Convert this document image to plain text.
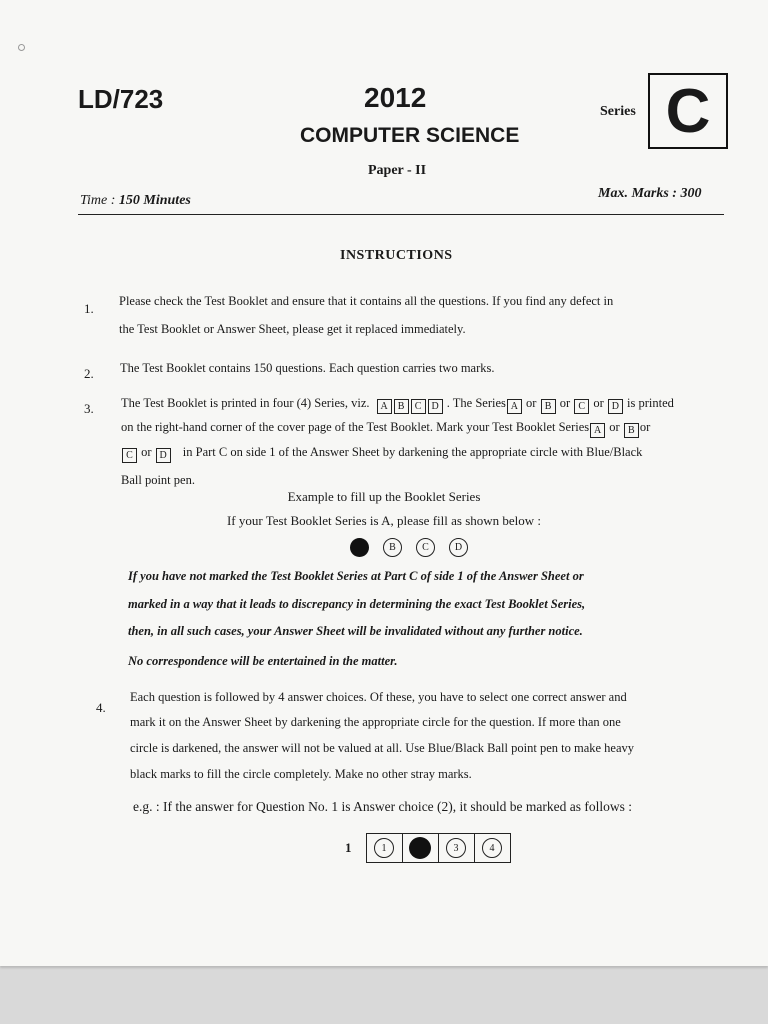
LD/723	2012
COMPUTER SCIENCE
Paper - II
Series C
Time : 150 Minutes	Max. Marks : 300
INSTRUCTIONS
1. Please check the Test Booklet and ensure that it contains all the questions. If you find any defect in
the Test Booklet or Answer Sheet, please get it replaced immediately.
2. The Test Booklet contains 150 questions. Each question carries two marks.
3. The Test Booklet is printed in four (4) Series, viz. A B C D . The Series A or B or C or D is printed
on the right-hand corner of the cover page of the Test Booklet. Mark your Test Booklet Series A or B or
C or D in Part C on side 1 of the Answer Sheet by darkening the appropriate circle with Blue/Black
Ball point pen.
Example to fill up the Booklet Series
If your Test Booklet Series is A, please fill as shown below :
B	C	D
If you have not marked the Test Booklet Series at Part C of side 1 of the Answer Sheet or
marked in a way that it leads to discrepancy in determining the exact Test Booklet Series,
then, in all such cases, your Answer Sheet will be invalidated without any further notice.
No correspondence will be entertained in the matter.
4.
Each question is followed by 4 answer choices. Of these, you have to select one correct answer and
mark it on the Answer Sheet by darkening the appropriate circle for the question. If more than one
circle is darkened, the answer will not be valued at all. Use Blue/Black Ball point pen to make heavy
black marks to fill the circle completely. Make no other stray marks.
e.g. : If the answer for Question No. 1 is Answer choice (2), it should be marked as follows :
1	1	3	4
